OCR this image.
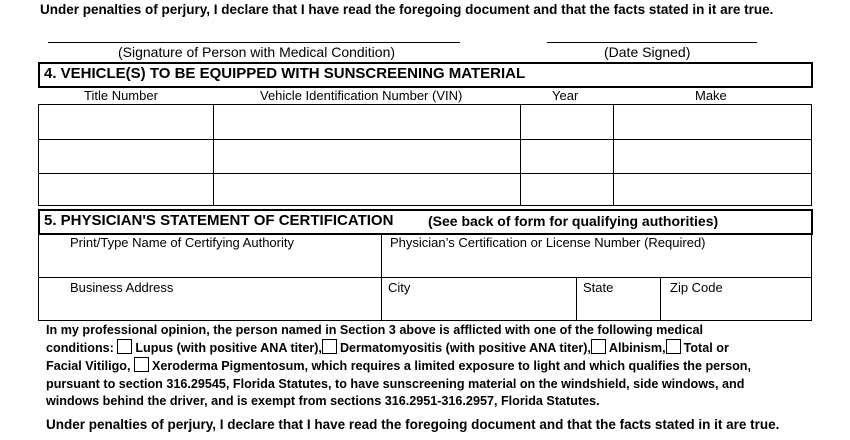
Under penalties of perjury, I declare that I have read the foregoing document and that the facts stated in it are true.
(Signature of Person with Medical Condition)	(Date Signed)
4. VEHICLE(S) TO BE EQUIPPED WITH SUNSCREENING MATERIAL
Title Number	Vehicle Identification Number (VIN)	Year	Make
5. PHYSICIAN'S STATEMENT OF CERTIFICATION (See back of form for qualifying authorities)
Print/Type Name of Certifying Authority	Physician’s Certification or License Number (Required)
Business Address	City	State	Zip Code
In my professional opinion, the person named in Section 3 above is afflicted with one of the following medical
conditions: Lupus (with positive ANA titer), Dermatomyositis (with positive ANA titer), Albinism, Total or
Facial Vitiligo, Xeroderma Pigmentosum, which requires a limited exposure to light and which qualifies the person,
pursuant to section 316.29545, Florida Statutes, to have sunscreening material on the windshield, side windows, and
windows behind the driver, and is exempt from sections 316.2951-316.2957, Florida Statutes.
Under penalties of perjury, I declare that I have read the foregoing document and that the facts stated in it are true.
